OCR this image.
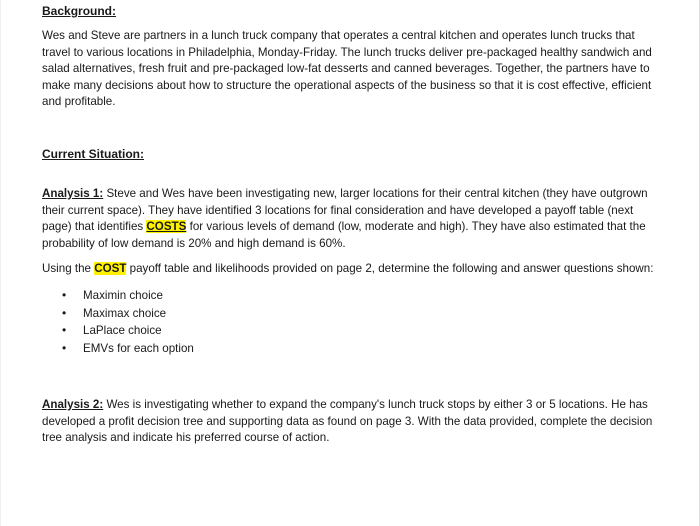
Background:

Wes and Steve are partners in a lunch truck company that operates a central kitchen and operates lunch trucks that travel to various locations in Philadelphia, Monday-Friday. The lunch trucks deliver pre-packaged healthy sandwich and salad alternatives, fresh fruit and pre-packaged low-fat desserts and canned beverages. Together, the partners have to make many decisions about how to structure the operational aspects of the business so that it is cost effective, efficient and profitable.

Current Situation:

Analysis 1: Steve and Wes have been investigating new, larger locations for their central kitchen (they have outgrown their current space). They have identified 3 locations for final consideration and have developed a payoff table (next page) that identifies COSTS for various levels of demand (low, moderate and high). They have also estimated that the probability of low demand is 20% and high demand is 60%.

Using the COST payoff table and likelihoods provided on page 2, determine the following and answer questions shown:

• Maximin choice
• Maximax choice
• LaPlace choice
• EMVs for each option

Analysis 2: Wes is investigating whether to expand the company's lunch truck stops by either 3 or 5 locations. He has developed a profit decision tree and supporting data as found on page 3. With the data provided, complete the decision tree analysis and indicate his preferred course of action.
